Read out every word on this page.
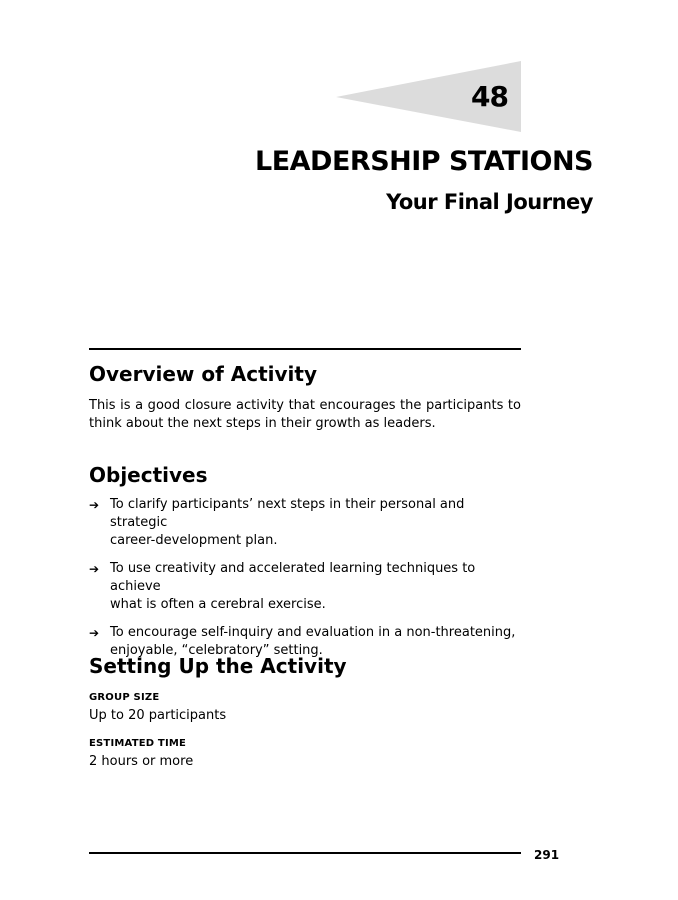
48
LEADERSHIP STATIONS
Your Final Journey
Overview of Activity

This is a good closure activity that encourages the participants to think about the next steps in their growth as leaders.

Objectives
➔ To clarify participants’ next steps in their personal and strategic
career-development plan.
➔ To use creativity and accelerated learning techniques to achieve
what is often a cerebral exercise.
➔ To encourage self-inquiry and evaluation in a non-threatening,
enjoyable, “celebratory” setting.
Setting Up the Activity

GROUP SIZE

Up to 20 participants

ESTIMATED TIME

2 hours or more

291
